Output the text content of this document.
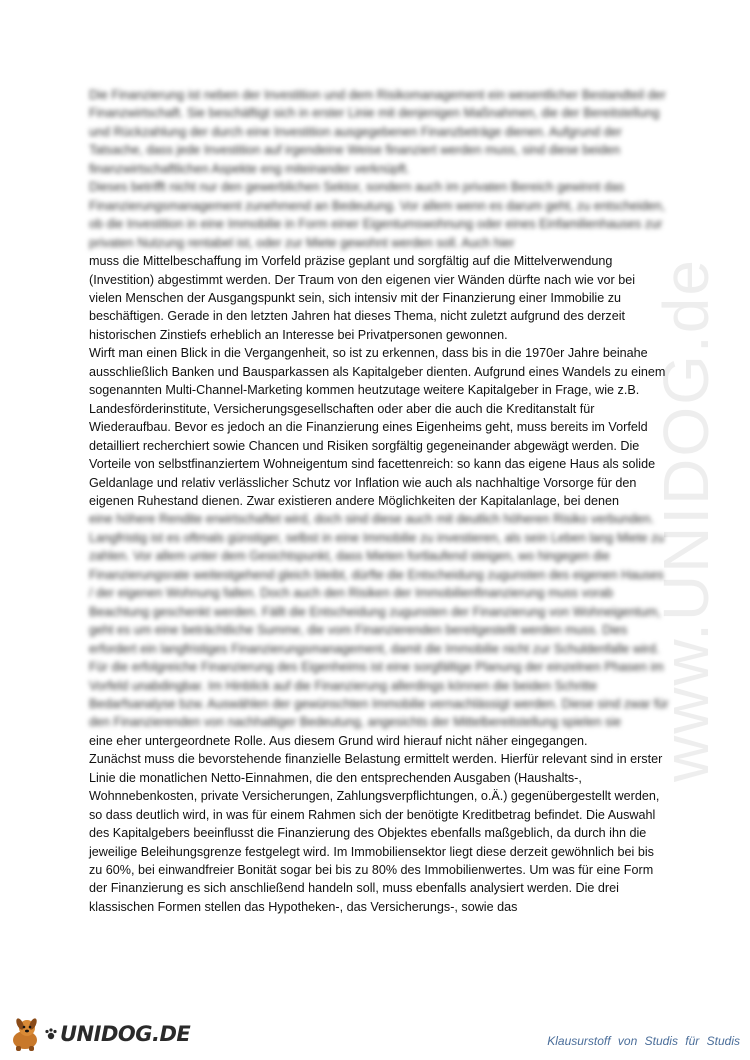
www.UNIDOG.de

Die Finanzierung ist neben der Investition und dem Risikomanagement ein wesentlicher Bestandteil der Finanzwirtschaft. Sie beschäftigt sich in erster Linie mit denjenigen Maßnahmen, die der Bereitstellung und Rückzahlung der durch eine Investition ausgegebenen Finanzbeträge dienen. Aufgrund der Tatsache, dass jede Investition auf irgendeine Weise finanziert werden muss, sind diese beiden finanzwirtschaftlichen Aspekte eng miteinander verknüpft.

Dieses betrifft nicht nur den gewerblichen Sektor, sondern auch im privaten Bereich gewinnt das Finanzierungsmanagement zunehmend an Bedeutung. Vor allem wenn es darum geht, zu entscheiden, ob die Investition in eine Immobilie in Form einer Eigentumswohnung oder eines Einfamilienhauses zur privaten Nutzung rentabel ist, oder zur Miete gewohnt werden soll. Auch hier

muss die Mittelbeschaffung im Vorfeld präzise geplant und sorgfältig auf die Mittelverwendung (Investition) abgestimmt werden. Der Traum von den eigenen vier Wänden dürfte nach wie vor bei vielen Menschen der Ausgangspunkt sein, sich intensiv mit der Finanzierung einer Immobilie zu beschäftigen. Gerade in den letzten Jahren hat dieses Thema, nicht zuletzt aufgrund des derzeit historischen Zinstiefs erheblich an Interesse bei Privatpersonen gewonnen.

Wirft man einen Blick in die Vergangenheit, so ist zu erkennen, dass bis in die 1970er Jahre beinahe ausschließlich Banken und Bausparkassen als Kapitalgeber dienten. Aufgrund eines Wandels zu einem sogenannten Multi-Channel-Marketing kommen heutzutage weitere Kapitalgeber in Frage, wie z.B. Landesförderinstitute, Versicherungsgesellschaften oder aber die auch die Kreditanstalt für Wiederaufbau. Bevor es jedoch an die Finanzierung eines Eigenheims geht, muss bereits im Vorfeld detailliert recherchiert sowie Chancen und Risiken sorgfältig gegeneinander abgewägt werden. Die Vorteile von selbstfinanziertem Wohneigentum sind facettenreich: so kann das eigene Haus als solide Geldanlage und relativ verlässlicher Schutz vor Inflation wie auch als nachhaltige Vorsorge für den eigenen Ruhestand dienen. Zwar existieren andere Möglichkeiten der Kapitalanlage, bei denen

eine höhere Rendite erwirtschaftet wird, doch sind diese auch mit deutlich höheren Risiko verbunden. Langfristig ist es oftmals günstiger, selbst in eine Immobilie zu investieren, als sein Leben lang Miete zu zahlen. Vor allem unter dem Gesichtspunkt, dass Mieten fortlaufend steigen, wo hingegen die Finanzierungsrate weitestgehend gleich bleibt, dürfte die Entscheidung zugunsten des eigenen Hauses / der eigenen Wohnung fallen. Doch auch den Risiken der Immobilienfinanzierung muss vorab Beachtung geschenkt werden. Fällt die Entscheidung zugunsten der Finanzierung von Wohneigentum, geht es um eine beträchtliche Summe, die vom Finanzierenden bereitgestellt werden muss. Dies erfordert ein langfristiges Finanzierungsmanagement, damit die Immobilie nicht zur Schuldenfalle wird.

Für die erfolgreiche Finanzierung des Eigenheims ist eine sorgfältige Planung der einzelnen Phasen im Vorfeld unabdingbar. Im Hinblick auf die Finanzierung allerdings können die beiden Schritte Bedarfsanalyse bzw. Auswählen der gewünschten Immobilie vernachlässigt werden. Diese sind zwar für den Finanzierenden von nachhaltiger Bedeutung, angesichts der Mittelbereitstellung spielen sie

eine eher untergeordnete Rolle. Aus diesem Grund wird hierauf nicht näher eingegangen.

Zunächst muss die bevorstehende finanzielle Belastung ermittelt werden. Hierfür relevant sind in erster Linie die monatlichen Netto-Einnahmen, die den entsprechenden Ausgaben (Haushalts-, Wohnnebenkosten, private Versicherungen, Zahlungsverpflichtungen, o.Ä.) gegenübergestellt werden, so dass deutlich wird, in was für einem Rahmen sich der benötigte Kreditbetrag befindet. Die Auswahl des Kapitalgebers beeinflusst die Finanzierung des Objektes ebenfalls maßgeblich, da durch ihn die jeweilige Beleihungsgrenze festgelegt wird. Im Immobiliensektor liegt diese derzeit gewöhnlich bei bis zu 60%, bei einwandfreier Bonität sogar bei bis zu 80% des Immobilienwertes. Um was für eine Form der Finanzierung es sich anschließend handeln soll, muss ebenfalls analysiert werden. Die drei klassischen Formen stellen das Hypotheken-, das Versicherungs-, sowie das

UNIDOG.DE	Klausurstoff von Studis für Studis
